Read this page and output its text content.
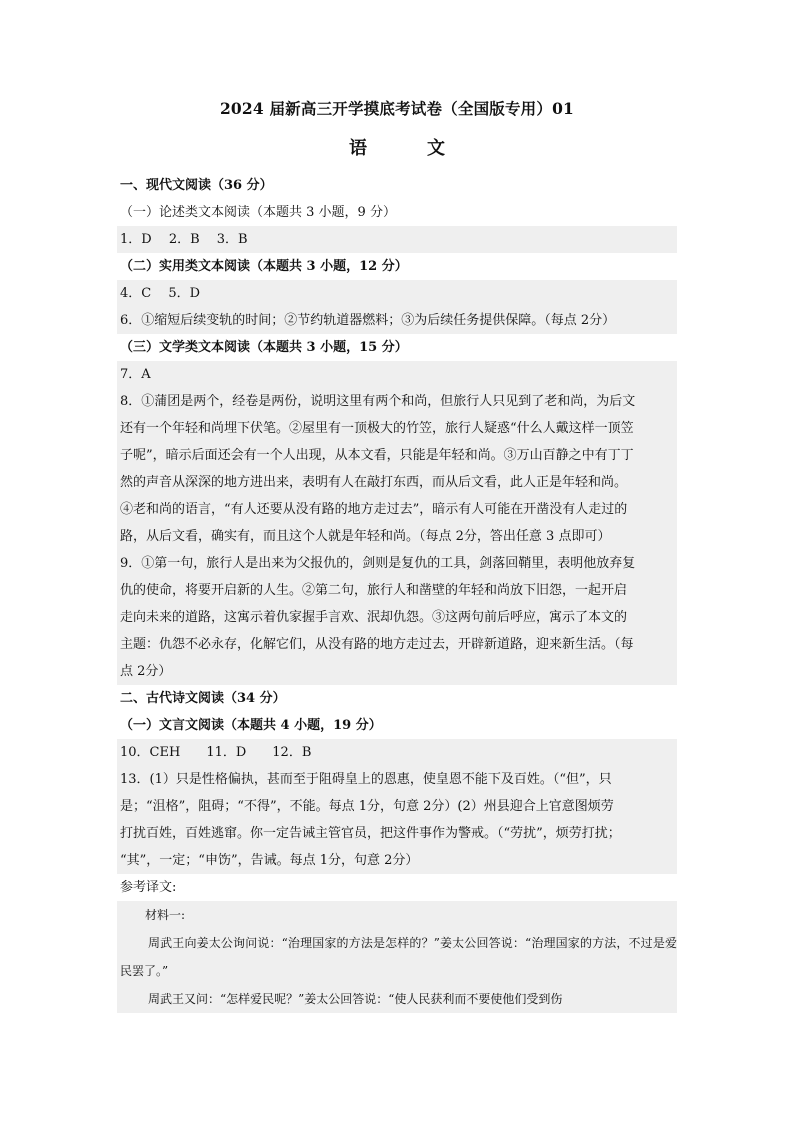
2024 届新高三开学摸底考试卷（全国版专用）01
语	文
一、现代文阅读（36 分）
（一）论述类文本阅读（本题共 3 小题，9 分）
1．D　 2．B　 3．B
（二）实用类文本阅读（本题共 3 小题，12 分）
4．C　 5．D
6．①缩短后续变轨的时间；②节约轨道器燃料；③为后续任务提供保障。（每点 2分）
（三）文学类文本阅读（本题共 3 小题，15 分）
7．A
8．①蒲团是两个，经卷是两份，说明这里有两个和尚，但旅行人只见到了老和尚，为后文
还有一个年轻和尚埋下伏笔。②屋里有一顶极大的竹笠，旅行人疑惑“什么人戴这样一顶笠
子呢”，暗示后面还会有一个人出现，从本文看，只能是年轻和尚。③万山百静之中有丁丁
然的声音从深深的地方进出来，表明有人在敲打东西，而从后文看，此人正是年轻和尚。
④老和尚的语言，“有人还要从没有路的地方走过去”，暗示有人可能在开凿没有人走过的
路，从后文看，确实有，而且这个人就是年轻和尚。（每点 2分，答出任意 3 点即可）
9．①第一句，旅行人是出来为父报仇的，剑则是复仇的工具，剑落回鞘里，表明他放弃复
仇的使命，将要开启新的人生。②第二句，旅行人和凿壁的年轻和尚放下旧怨，一起开启
走向未来的道路，这寓示着仇家握手言欢、泯却仇怨。③这两句前后呼应，寓示了本文的
主题：仇怨不必永存，化解它们，从没有路的地方走过去，开辟新道路，迎来新生活。（每
点 2分）
二、古代诗文阅读（34 分）
（一）文言文阅读（本题共 4 小题，19 分）
10．CEH　　11．D　　12．B
13．(1）只是性格偏执，甚而至于阻碍皇上的恩惠，使皇恩不能下及百姓。（“但”，只
是；“沮格”，阻碍；“不得”，不能。每点 1分，句意 2分）(2）州县迎合上官意图烦劳
打扰百姓，百姓逃窜。你一定告诫主管官员，把这件事作为警戒。（“劳扰”，烦劳打扰；
“其”，一定；“申饬”，告诫。每点 1分，句意 2分）
参考译文:
材料一:
周武王向姜太公询问说：“治理国家的方法是怎样的？”姜太公回答说：“治理国家的方法，不过是爱民罢了。”
周武王又问：“怎样爱民呢？”姜太公回答说：“使人民获利而不要使他们受到伤
